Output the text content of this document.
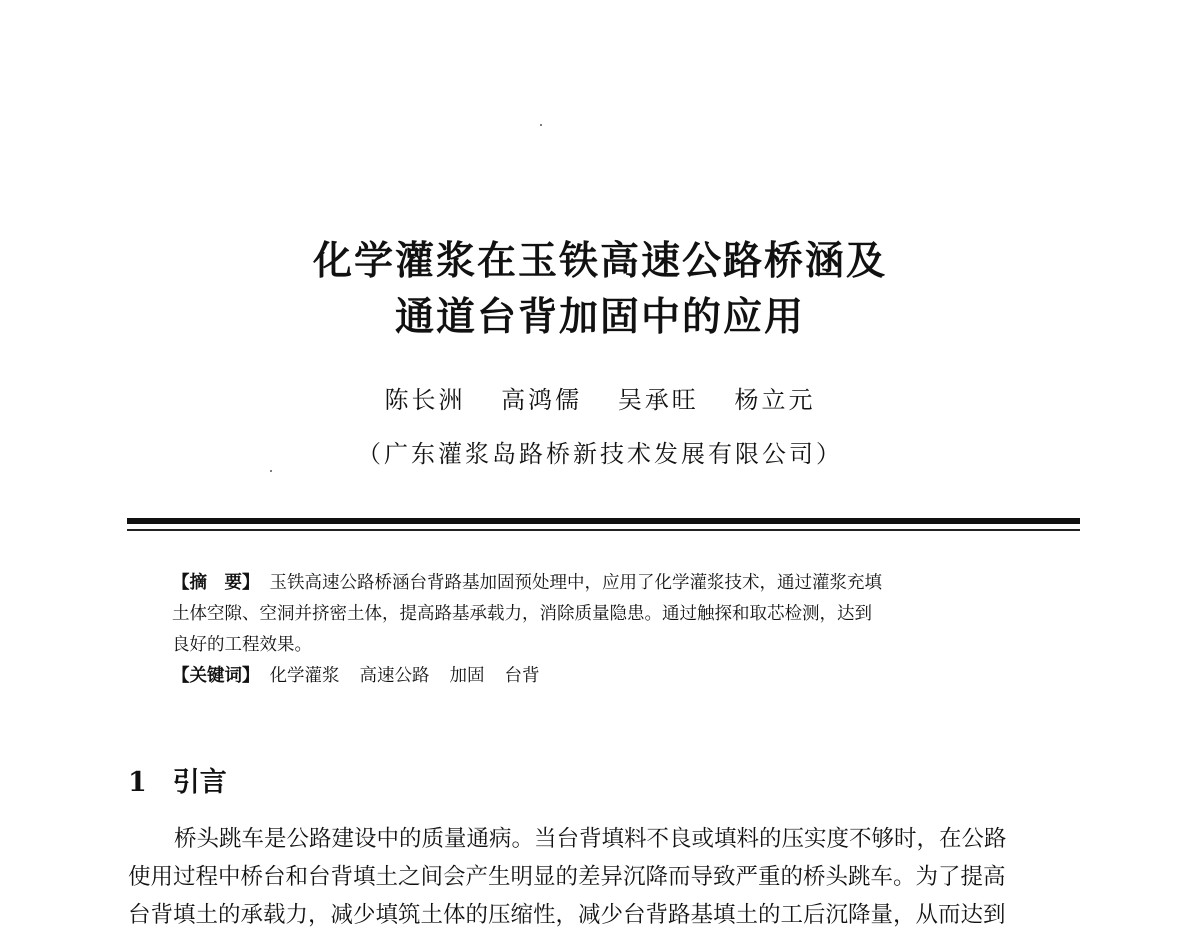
化学灌浆在玉铁高速公路桥涵及
通道台背加固中的应用
陈长洲 高鸿儒 吴承旺 杨立元
（广东灌浆岛路桥新技术发展有限公司）
【摘　要】 玉铁高速公路桥涵台背路基加固预处理中，应用了化学灌浆技术，通过灌浆充填
土体空隙、空洞并挤密土体，提高路基承载力，消除质量隐患。通过触探和取芯检测，达到
良好的工程效果。
【关键词】 化学灌浆 高速公路 加固 台背
1 引言
桥头跳车是公路建设中的质量通病。当台背填料不良或填料的压实度不够时，在公路
使用过程中桥台和台背填土之间会产生明显的差异沉降而导致严重的桥头跳车。为了提高
台背填土的承载力，减少填筑土体的压缩性，减少台背路基填土的工后沉降量，从而达到
